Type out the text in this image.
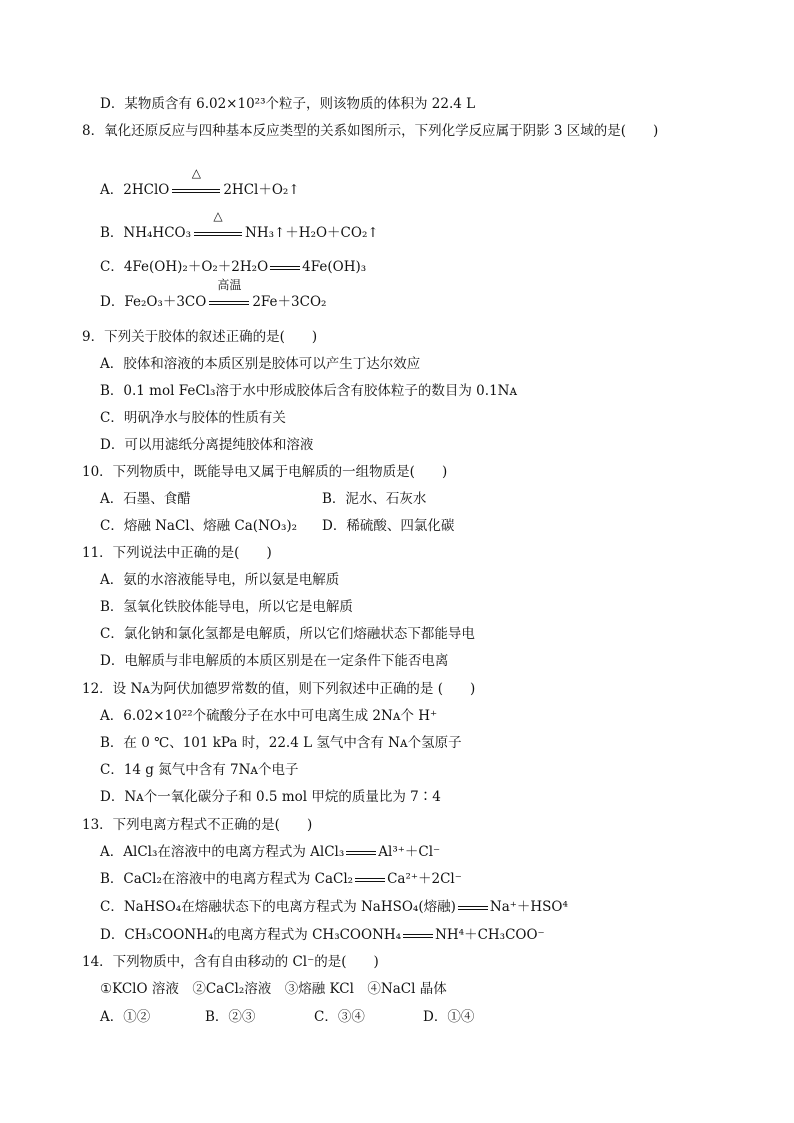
D．某物质含有 6.02×10²³个粒子，则该物质的体积为 22.4 L
8．氧化还原反应与四种基本反应类型的关系如图所示，下列化学反应属于阴影 3 区域的是(　　)
A．2HClO
△
2HCl＋O₂↑
B．NH₄HCO₃
△
NH₃↑＋H₂O＋CO₂↑
C．4Fe(OH)₂＋O₂＋2H₂O	4Fe(OH)₃
D．Fe₂O₃＋3CO
高温
2Fe＋3CO₂
9．下列关于胶体的叙述正确的是(　　)
A．胶体和溶液的本质区别是胶体可以产生丁达尔效应
B．0.1 mol FeCl₃溶于水中形成胶体后含有胶体粒子的数目为 0.1Nᴀ
C．明矾净水与胶体的性质有关
D．可以用滤纸分离提纯胶体和溶液
10．下列物质中，既能导电又属于电解质的一组物质是(　　)
A．石墨、食醋	B．泥水、石灰水
C．熔融 NaCl、熔融 Ca(NO₃)₂ D．稀硫酸、四氯化碳
11．下列说法中正确的是(　　)
A．氨的水溶液能导电，所以氨是电解质
B．氢氧化铁胶体能导电，所以它是电解质
C．氯化钠和氯化氢都是电解质，所以它们熔融状态下都能导电
D．电解质与非电解质的本质区别是在一定条件下能否电离
12．设 Nᴀ为阿伏加德罗常数的值，则下列叙述中正确的是 (　　)
A．6.02×10²²个硫酸分子在水中可电离生成 2Nᴀ个 H⁺
B．在 0 ℃、101 kPa 时，22.4 L 氢气中含有 Nᴀ个氢原子
C．14 g 氮气中含有 7Nᴀ个电子
D．Nᴀ个一氧化碳分子和 0.5 mol 甲烷的质量比为 7∶4
13．下列电离方程式不正确的是(　　)
A．AlCl₃在溶液中的电离方程式为 AlCl₃	Al³⁺＋Cl⁻
B．CaCl₂在溶液中的电离方程式为 CaCl₂	Ca²⁺＋2Cl⁻
C．NaHSO₄在熔融状态下的电离方程式为 NaHSO₄(熔融)	Na⁺＋HSO⁴
D．CH₃COONH₄的电离方程式为 CH₃COONH₄	NH⁴＋CH₃COO⁻
14．下列物质中，含有自由移动的 Cl⁻的是(　　)
①KClO 溶液　②CaCl₂溶液　③熔融 KCl　④NaCl 晶体
A．①②	B．②③	C．③④	D．①④
